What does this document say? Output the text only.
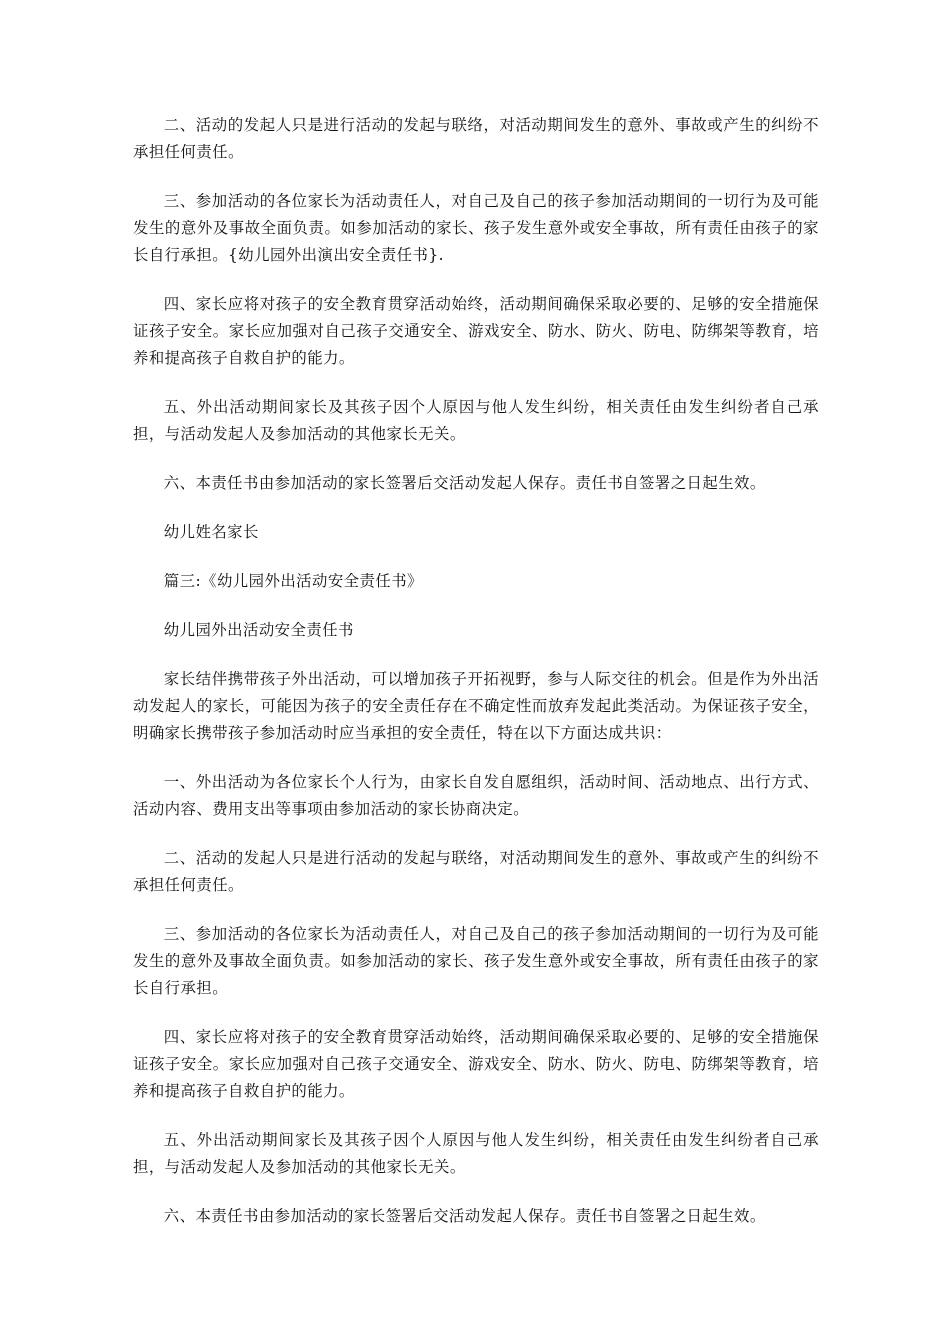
二、活动的发起人只是进行活动的发起与联络，对活动期间发生的意外、事故或产生的纠纷不承担任何责任。

三、参加活动的各位家长为活动责任人，对自己及自己的孩子参加活动期间的一切行为及可能发生的意外及事故全面负责。如参加活动的家长、孩子发生意外或安全事故，所有责任由孩子的家长自行承担。{幼儿园外出演出安全责任书}.

四、家长应将对孩子的安全教育贯穿活动始终，活动期间确保采取必要的、足够的安全措施保证孩子安全。家长应加强对自己孩子交通安全、游戏安全、防水、防火、防电、防绑架等教育，培养和提高孩子自救自护的能力。

五、外出活动期间家长及其孩子因个人原因与他人发生纠纷，相关责任由发生纠纷者自己承担，与活动发起人及参加活动的其他家长无关。

六、本责任书由参加活动的家长签署后交活动发起人保存。责任书自签署之日起生效。

幼儿姓名家长

篇三:《幼儿园外出活动安全责任书》

幼儿园外出活动安全责任书

家长结伴携带孩子外出活动，可以增加孩子开拓视野，参与人际交往的机会。但是作为外出活动发起人的家长，可能因为孩子的安全责任存在不确定性而放弃发起此类活动。为保证孩子安全，明确家长携带孩子参加活动时应当承担的安全责任，特在以下方面达成共识：

一、外出活动为各位家长个人行为，由家长自发自愿组织，活动时间、活动地点、出行方式、活动内容、费用支出等事项由参加活动的家长协商决定。

二、活动的发起人只是进行活动的发起与联络，对活动期间发生的意外、事故或产生的纠纷不承担任何责任。

三、参加活动的各位家长为活动责任人，对自己及自己的孩子参加活动期间的一切行为及可能发生的意外及事故全面负责。如参加活动的家长、孩子发生意外或安全事故，所有责任由孩子的家长自行承担。

四、家长应将对孩子的安全教育贯穿活动始终，活动期间确保采取必要的、足够的安全措施保证孩子安全。家长应加强对自己孩子交通安全、游戏安全、防水、防火、防电、防绑架等教育，培养和提高孩子自救自护的能力。

五、外出活动期间家长及其孩子因个人原因与他人发生纠纷，相关责任由发生纠纷者自己承担，与活动发起人及参加活动的其他家长无关。

六、本责任书由参加活动的家长签署后交活动发起人保存。责任书自签署之日起生效。
